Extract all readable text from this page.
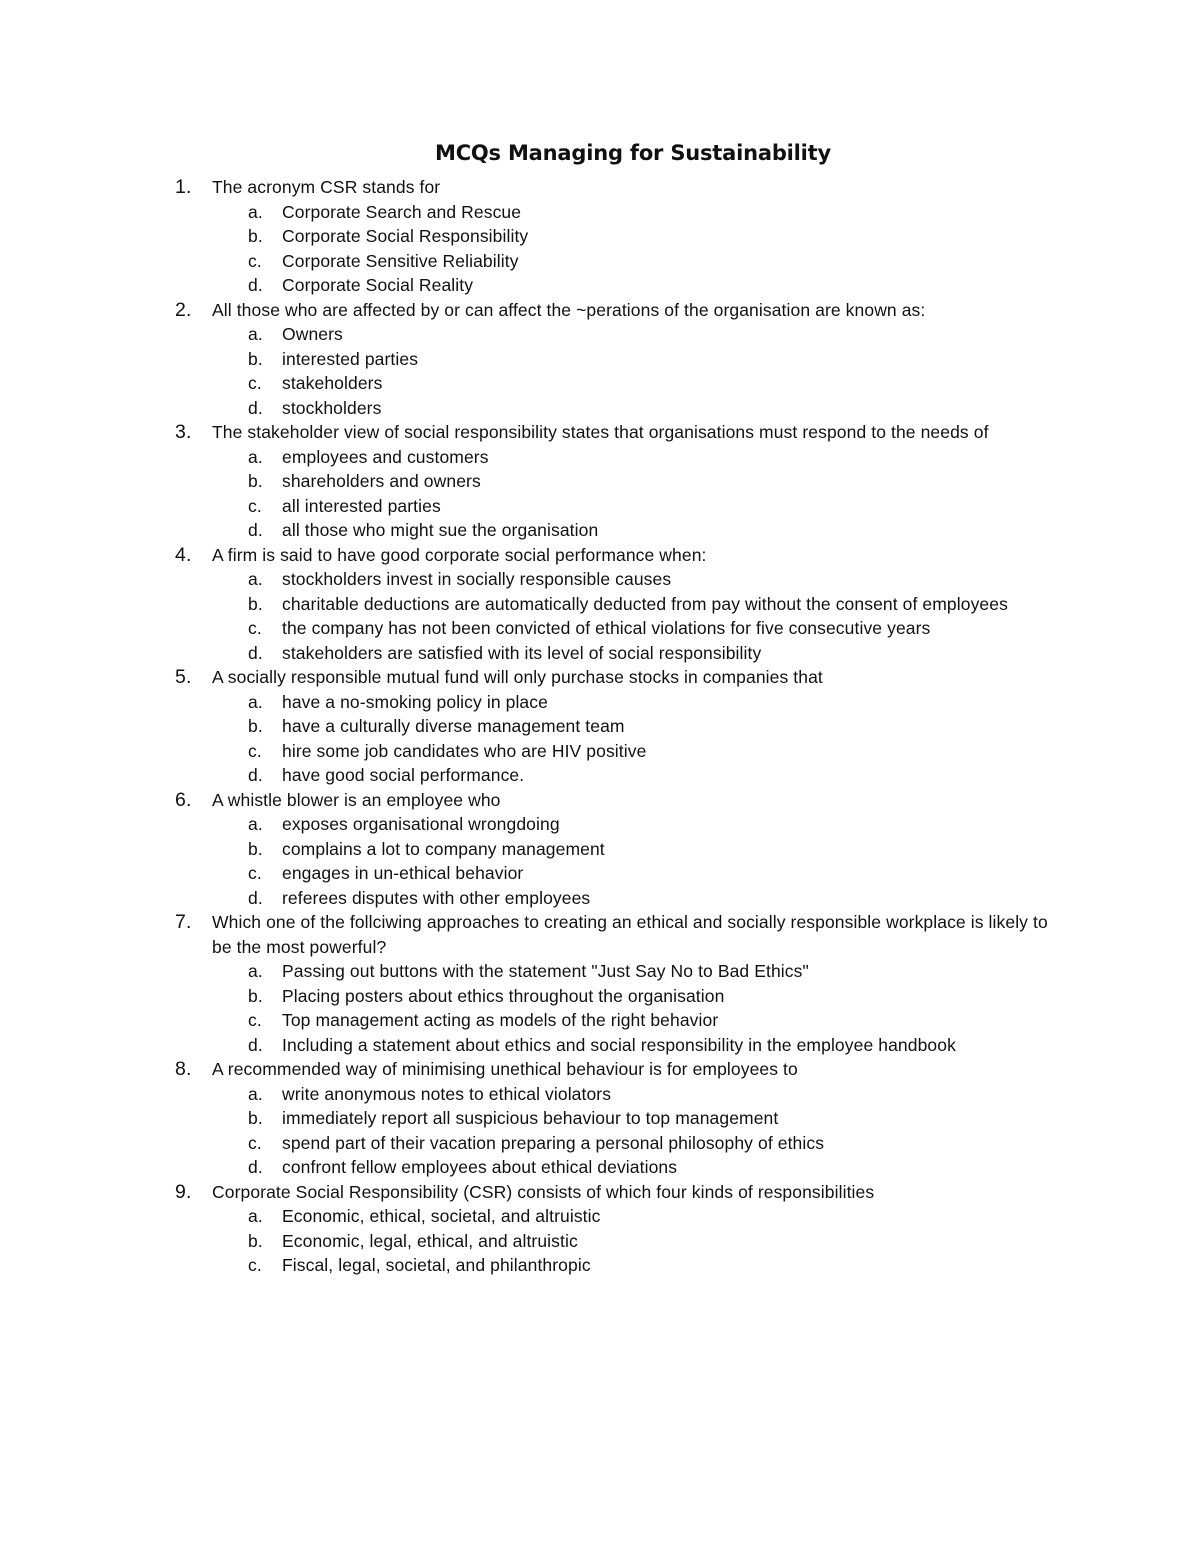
MCQs Managing for Sustainability
1. The acronym CSR stands for
a. Corporate Search and Rescue
b. Corporate Social Responsibility
c. Corporate Sensitive Reliability
d. Corporate Social Reality
2. All those who are affected by or can affect the ~perations of the organisation are known as:
a. Owners
b. interested parties
c. stakeholders
d. stockholders
3. The stakeholder view of social responsibility states that organisations must respond to the needs of
a. employees and customers
b. shareholders and owners
c. all interested parties
d. all those who might sue the organisation
4. A firm is said to have good corporate social performance when:
a. stockholders invest in socially responsible causes
b. charitable deductions are automatically deducted from pay without the consent of employees
c. the company has not been convicted of ethical violations for five consecutive years
d. stakeholders are satisfied with its level of social responsibility
5. A socially responsible mutual fund will only purchase stocks in companies that
a. have a no-smoking policy in place
b. have a culturally diverse management team
c. hire some job candidates who are HIV positive
d. have good social performance.
6. A whistle blower is an employee who
a. exposes organisational wrongdoing
b. complains a lot to company management
c. engages in un-ethical behavior
d. referees disputes with other employees
7. Which one of the follciwing approaches to creating an ethical and socially responsible workplace is likely to be the most powerful?
a. Passing out buttons with the statement "Just Say No to Bad Ethics"
b. Placing posters about ethics throughout the organisation
c. Top management acting as models of the right behavior
d. Including a statement about ethics and social responsibility in the employee handbook
8. A recommended way of minimising unethical behaviour is for employees to
a. write anonymous notes to ethical violators
b. immediately report all suspicious behaviour to top management
c. spend part of their vacation preparing a personal philosophy of ethics
d. confront fellow employees about ethical deviations
9. Corporate Social Responsibility (CSR) consists of which four kinds of responsibilities
a. Economic, ethical, societal, and altruistic
b. Economic, legal, ethical, and altruistic
c. Fiscal, legal, societal, and philanthropic
